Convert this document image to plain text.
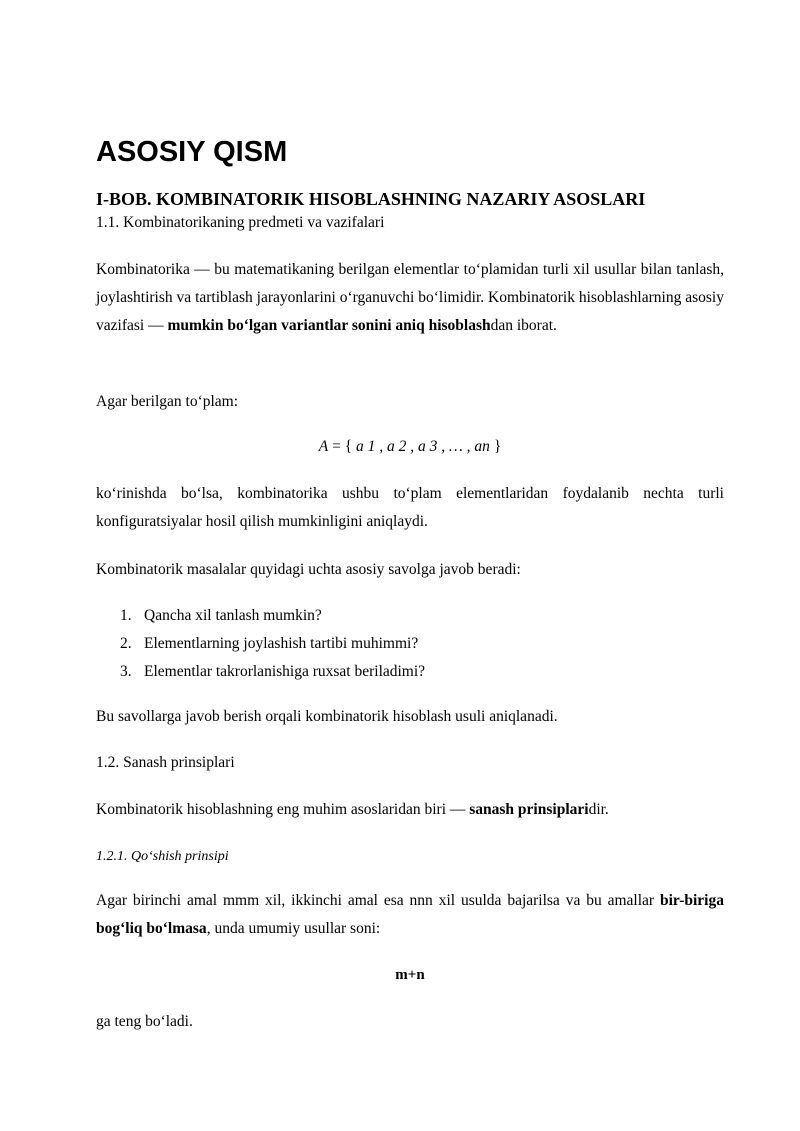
ASOSIY QISM
I-BOB. KOMBINATORIK HISOBLASHNING NAZARIY ASOSLARI

1.1. Kombinatorikaning predmeti va vazifalari

Kombinatorika — bu matematikaning berilgan elementlar to‘plamidan turli xil usullar bilan tanlash, joylashtirish va tartiblash jarayonlarini o‘rganuvchi bo‘limidir. Kombinatorik hisoblashlarning asosiy vazifasi — mumkin bo‘lgan variantlar sonini aniq hisoblashdan iborat.

Agar berilgan to‘plam:

A = { a 1 , a 2 , a 3 , … , an }

ko‘rinishda bo‘lsa, kombinatorika ushbu to‘plam elementlaridan foydalanib nechta turli konfiguratsiyalar hosil qilish mumkinligini aniqlaydi.

Kombinatorik masalalar quyidagi uchta asosiy savolga javob beradi:

1. Qancha xil tanlash mumkin?
2. Elementlarning joylashish tartibi muhimmi?
3. Elementlar takrorlanishiga ruxsat beriladimi?

Bu savollarga javob berish orqali kombinatorik hisoblash usuli aniqlanadi.

1.2. Sanash prinsiplari

Kombinatorik hisoblashning eng muhim asoslaridan biri — sanash prinsiplaridir.

1.2.1. Qo‘shish prinsipi

Agar birinchi amal mmm xil, ikkinchi amal esa nnn xil usulda bajarilsa va bu amallar bir-biriga bog‘liq bo‘lmasa, unda umumiy usullar soni:

m+n

ga teng bo‘ladi.
